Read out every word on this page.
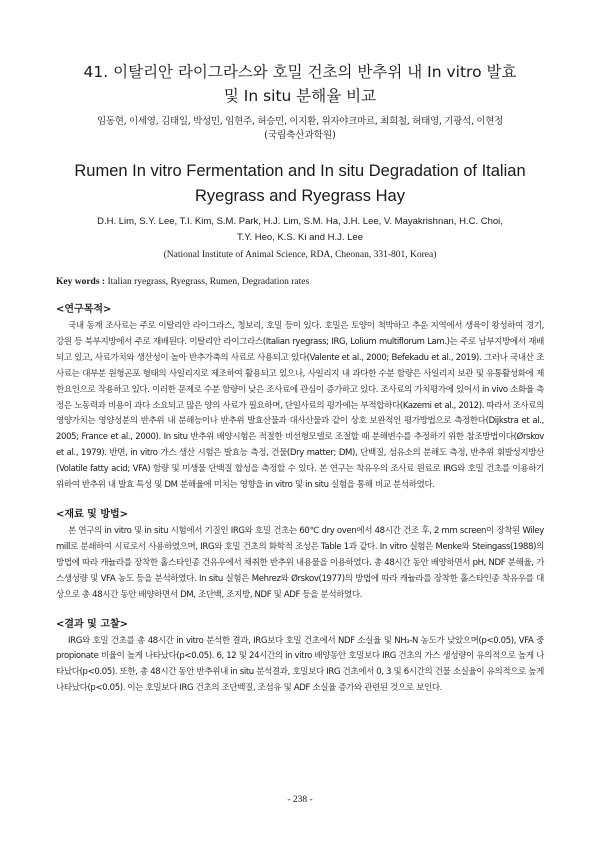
41. 이탈리안 라이그라스와 호밀 건초의 반추위 내 In vitro 발효
및 In situ 분해율 비교
임동현, 이세영, 김태일, 박성민, 임현주, 허승민, 이지환, 위자야크마르, 최희철, 허태영, 기광석, 이현정
(국립축산과학원)
Rumen In vitro Fermentation and In situ Degradation of Italian
Ryegrass and Ryegrass Hay
D.H. Lim, S.Y. Lee, T.I. Kim, S.M. Park, H.J. Lim, S.M. Ha, J.H. Lee, V. Mayakrishnan, H.C. Choi,
T.Y. Heo, K.S. Ki and H.J. Lee
(National Institute of Animal Science, RDA, Cheonan, 331-801, Korea)
Key words : Italian ryegrass, Ryegrass, Rumen, Degradation rates
<연구목적>
국내 동계 조사료는 주로 이탈리안 라이그라스, 청보리, 호밀 등이 있다. 호밀은 토양이 척박하고 추운 지역에서 생육이 왕성하여 경기, 강원 등 북부지방에서 주로 재배된다. 이탈리안 라이그라스(Italian ryegrass; IRG, Lolium multiflorum Lam.)는 주로 남부지방에서 재배되고 있고, 사료가치와 생산성이 높아 반추가축의 사료로 사용되고 있다(Valente et al., 2000; Befekadu et al., 2019). 그러나 국내산 조사료는 대부분 원형곤포 형태의 사일리지로 제조하여 활용되고 있으나, 사일리지 내 과다한 수분 함량은 사일리지 보관 및 유통활성화에 제한요인으로 작용하고 있다. 이러한 문제로 수분 함량이 낮은 조사료에 관심이 증가하고 있다. 조사료의 가치평가에 있어서 in vivo 소화율 측정은 노동력과 비용이 과다 소요되고 많은 양의 사료가 필요하며, 단일사료의 평가에는 부적합하다(Kazemi et al., 2012). 따라서 조사료의 영양가치는 영양성분의 반추위 내 분해능이나 반추위 발효산물과 대사산물과 같이 상호 보완적인 평가방법으로 측정한다(Dijkstra et al., 2005; France et al., 2000). In situ 반추위 배양시험은 적절한 비선형모델로 조절할 때 분해변수를 추정하기 위한 참조방법이다(Ørskov et al., 1979). 반면, in vitro 가스 생산 시험은 발효능 측정, 건물(Dry matter; DM), 단백질, 섬유소의 분해도 측정, 반추위 휘발성지방산(Volatile fatty acid; VFA) 함량 및 미생물 단백질 합성을 측정할 수 있다. 본 연구는 착유우의 조사료 원료로 IRG와 호밀 건초를 이용하기 위하여 반추위 내 발효 특성 및 DM 분해율에 미치는 영향을 in vitro 및 in situ 실험을 통해 비교 분석하였다.
<재료 및 방법>
본 연구의 in vitro 및 in situ 시험에서 기질인 IRG와 호밀 건초는 60℃ dry oven에서 48시간 건조 후, 2 mm screen이 장착된 Wiley mill로 분쇄하여 시료로서 사용하였으며, IRG와 호밀 건초의 화학적 조성은 Table 1과 같다. In vitro 실험은 Menke와 Steingass(1988)의 방법에 따라 캐뉼라를 장착한 홀스타인종 건유우에서 채취한 반추위 내용물을 이용하였다. 총 48시간 동안 배양하면서 pH, NDF 분해율, 가스생성량 및 VFA 농도 등을 분석하였다. In situ 실험은 Mehrez와 Ørskov(1977)의 방법에 따라 캐뉼라를 장착한 홀스타인종 착유우를 대상으로 총 48시간 동안 배양하면서 DM, 조단백, 조지방, NDF 및 ADF 등을 분석하였다.
<결과 및 고찰>
IRG와 호밀 건초를 총 48시간 in vitro 분석한 결과, IRG보다 호밀 건초에서 NDF 소실율 및 NH₃-N 농도가 낮았으며(p<0.05), VFA 중 propionate 비율이 높게 나타났다(p<0.05). 6, 12 및 24시간의 in vitro 배양동안 호밀보다 IRG 건초의 가스 생성량이 유의적으로 높게 나타났다(p<0.05). 또한, 총 48시간 동안 반추위내 in situ 분석결과, 호밀보다 IRG 건초에서 0, 3 및 6시간의 건물 소실율이 유의적으로 높게 나타났다(p<0.05). 이는 호밀보다 IRG 건초의 조단백질, 조섬유 및 ADF 소실율 증가와 관련된 것으로 보인다.
- 238 -
